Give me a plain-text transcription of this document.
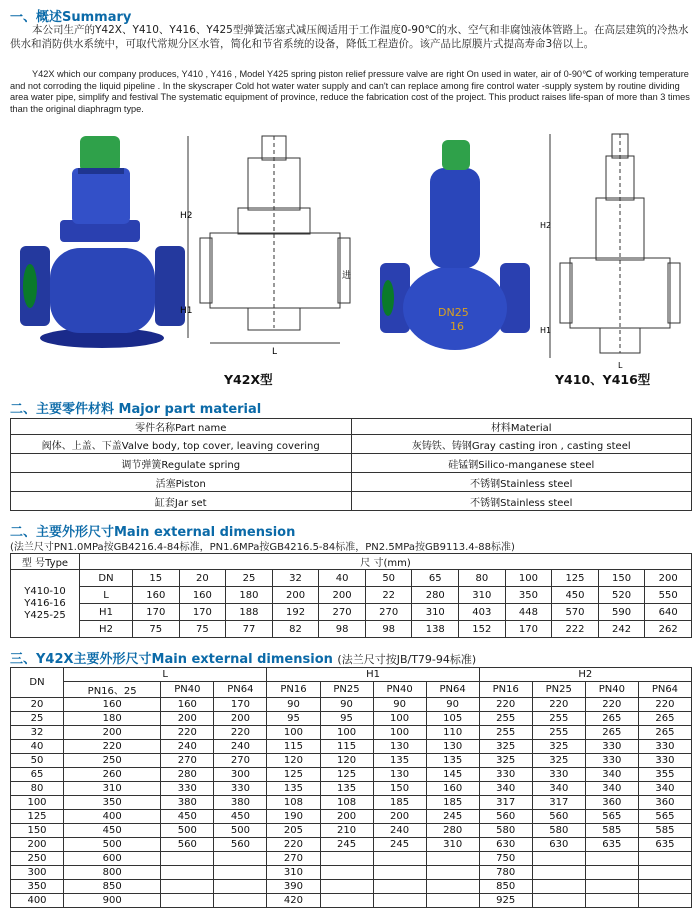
一、概述Summary
本公司生产的Y42X、Y410、Y416、Y425型弹簧活塞式减压阀适用于工作温度0-90℃的水、空气和非腐蚀液体管路上。在高层建筑的冷热水供水和消防供水系统中，可取代常规分区水管，简化和节省系统的设备，降低工程造价。该产品比原膜片式提高寿命3倍以上。
Y42X which our company produces, Y410 , Y416 , Model Y425 spring piston relief pressure valve are right On used in water, air of 0-90℃ of working temperature and not corroding the liquid pipeline . In the skyscraper Cold hot water water supply and can't can replace among fire control water -supply system by routine dividing area water pipe, simplify and festival The systematic equipment of province, reduce the fabrication cost of the project. This product raises life-span of more than 3 times than the original diaphragm type.
H2
H1
L
进
DN25
16
H2
H1
L
Y42X型	Y410、Y416型
二、主要零件材料 Major part material
零件名称Part name	材料Material
阀体、上盖、下盖Valve body, top cover, leaving covering	灰铸铁、铸钢Gray casting iron , casting steel
调节弹簧Regulate spring	硅锰钢Silico-manganese steel
活塞Piston	不锈钢Stainless steel
缸套Jar set	不锈钢Stainless steel
二、主要外形尺寸Main external dimension
(法兰尺寸PN1.0MPa按GB4216.4-84标准，PN1.6MPa按GB4216.5-84标准，PN2.5MPa按GB9113.4-88标准)
型 号Type	尺 寸(mm)												

Y410-10
Y416-16
Y425-25	DN	15	20	25	32	40	50	65	80	100	125	150	200
	L	160	160	180	200	200	22	280	310	350	450	520	550
	H1	170	170	188	192	270	270	310	403	448	570	590	640
	H2	75	75	77	82	98	98	138	152	170	222	242	262
三、Y42X主要外形尺寸Main external dimension (法兰尺寸按JB/T79-94标准)
DN	L			H1				H2			
	PN16、25	PN40	PN64	PN16	PN25	PN40	PN64	PN16	PN25	PN40	PN64
20	160	160	170	90	90	90	90	220	220	220	220
25	180	200	200	95	95	100	105	255	255	265	265
32	200	220	220	100	100	100	110	255	255	265	265
40	220	240	240	115	115	130	130	325	325	330	330
50	250	270	270	120	120	135	135	325	325	330	330
65	260	280	300	125	125	130	145	330	330	340	355
80	310	330	330	135	135	150	160	340	340	340	340
100	350	380	380	108	108	185	185	317	317	360	360
125	400	450	450	190	200	200	245	560	560	565	565
150	450	500	500	205	210	240	280	580	580	585	585
200	500	560	560	220	245	245	310	630	630	635	635
250	600			270				750			
300	800			310				780			
350	850			390				850			
400	900			420				925			
